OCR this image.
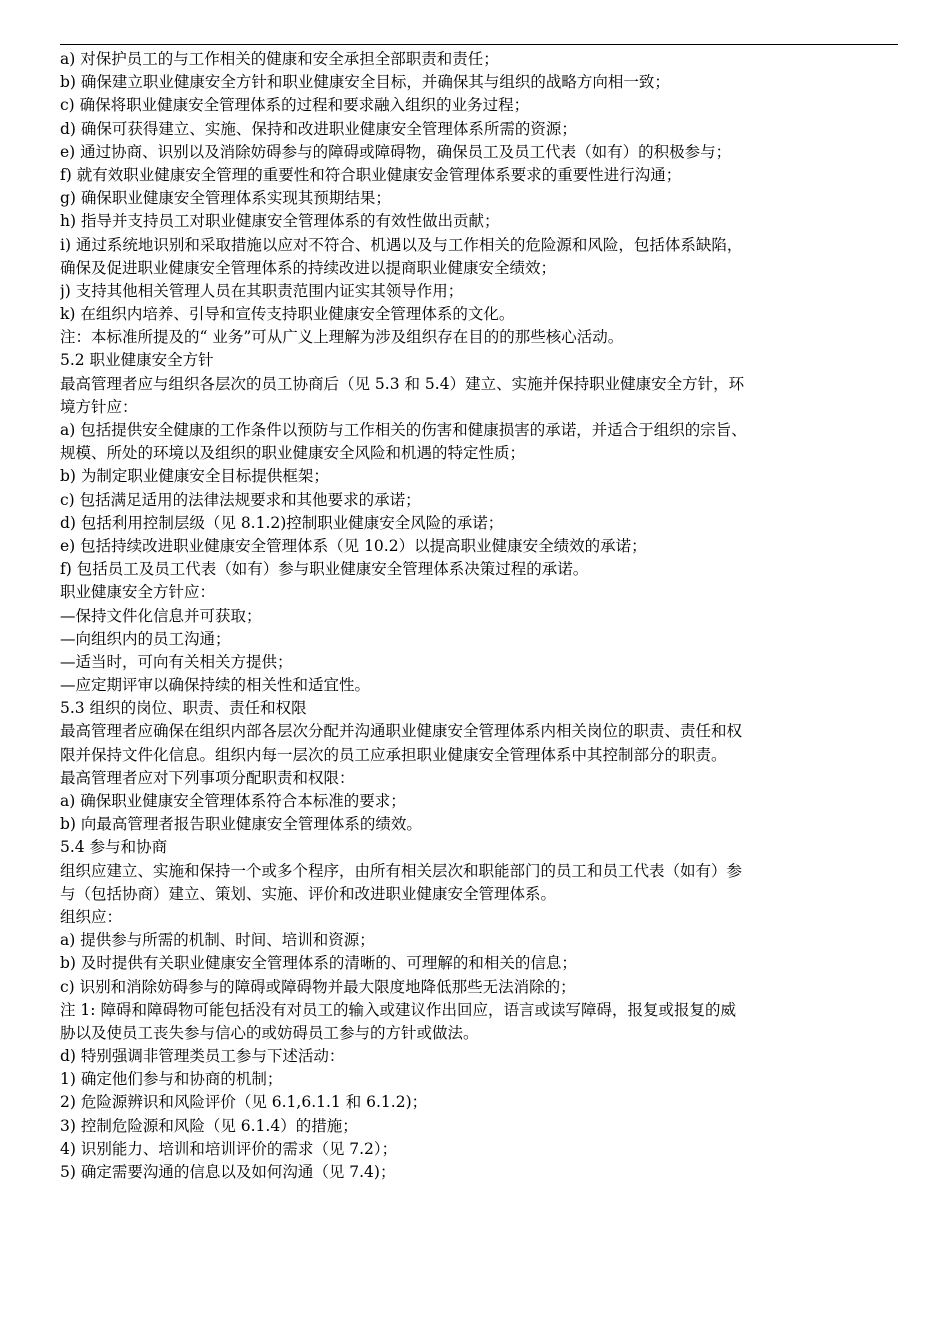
a) 对保护员工的与工作相关的健康和安全承担全部职责和责任；
b) 确保建立职业健康安全方针和职业健康安全目标，并确保其与组织的战略方向相一致；
c) 确保将职业健康安全管理体系的过程和要求融入组织的业务过程；
d) 确保可获得建立、实施、保持和改进职业健康安全管理体系所需的资源；
e) 通过协商、识别以及消除妨碍参与的障碍或障碍物，确保员工及员工代表（如有）的积极参与；
f) 就有效职业健康安全管理的重要性和符合职业健康安金管理体系要求的重要性进行沟通；
g) 确保职业健康安全管理体系实现其预期结果；
h) 指导并支持员工对职业健康安全管理体系的有效性做出贡献；
i) 通过系统地识别和采取措施以应对不符合、机遇以及与工作相关的危险源和风险，包括体系缺陷，
确保及促进职业健康安全管理体系的持续改进以提商职业健康安全绩效；
j) 支持其他相关管理人员在其职责范围内证实其领导作用；
k) 在组织内培养、引导和宣传支持职业健康安全管理体系的文化。
注：本标准所提及的“ 业务”可从广义上理解为涉及组织存在目的的那些核心活动。
5.2 职业健康安全方针
最高管理者应与组织各层次的员工协商后（见 5.3 和 5.4）建立、实施并保持职业健康安全方针，环
境方针应：
a) 包括提供安全健康的工作条件以预防与工作相关的伤害和健康损害的承诺，并适合于组织的宗旨、
规模、所处的环境以及组织的职业健康安全风险和机遇的特定性质；
b) 为制定职业健康安全目标提供框架；
c) 包括满足适用的法律法规要求和其他要求的承诺；
d) 包括利用控制层级（见 8.1.2)控制职业健康安全风险的承诺；
e) 包括持续改进职业健康安全管理体系（见 10.2）以提高职业健康安全绩效的承诺；
f) 包括员工及员工代表（如有）参与职业健康安全管理体系决策过程的承诺。
职业健康安全方针应：
—保持文件化信息并可获取；
—向组织内的员工沟通；
—适当时，可向有关相关方提供；
—应定期评审以确保持续的相关性和适宜性。
5.3 组织的岗位、职责、责任和权限
最高管理者应确保在组织内部各层次分配并沟通职业健康安全管理体系内相关岗位的职责、责任和权
限并保持文件化信息。组织内每一层次的员工应承担职业健康安全管理体系中其控制部分的职责。
最高管理者应对下列事项分配职责和权限：
a) 确保职业健康安全管理体系符合本标准的要求；
b) 向最高管理者报告职业健康安全管理体系的绩效。
5.4 参与和协商
组织应建立、实施和保持一个或多个程序，由所有相关层次和职能部门的员工和员工代表（如有）参
与（包括协商）建立、策划、实施、评价和改进职业健康安全管理体系。
组织应：
a) 提供参与所需的机制、时间、培训和资源；
b) 及时提供有关职业健康安全管理体系的清晰的、可理解的和相关的信息；
c) 识别和消除妨碍参与的障碍或障碍物并最大限度地降低那些无法消除的；
注 1: 障碍和障碍物可能包括没有对员工的输入或建议作出回应，语言或读写障碍，报复或报复的威
胁以及使员工丧失参与信心的或妨碍员工参与的方针或做法。
d) 特别强调非管理类员工参与下述活动：
1) 确定他们参与和协商的机制；
2) 危险源辨识和风险评价（见 6.1,6.1.1 和 6.1.2)；
3) 控制危险源和风险（见 6.1.4）的措施；
4) 识别能力、培训和培训评价的需求（见 7.2）；
5) 确定需要沟通的信息以及如何沟通（见 7.4)；
